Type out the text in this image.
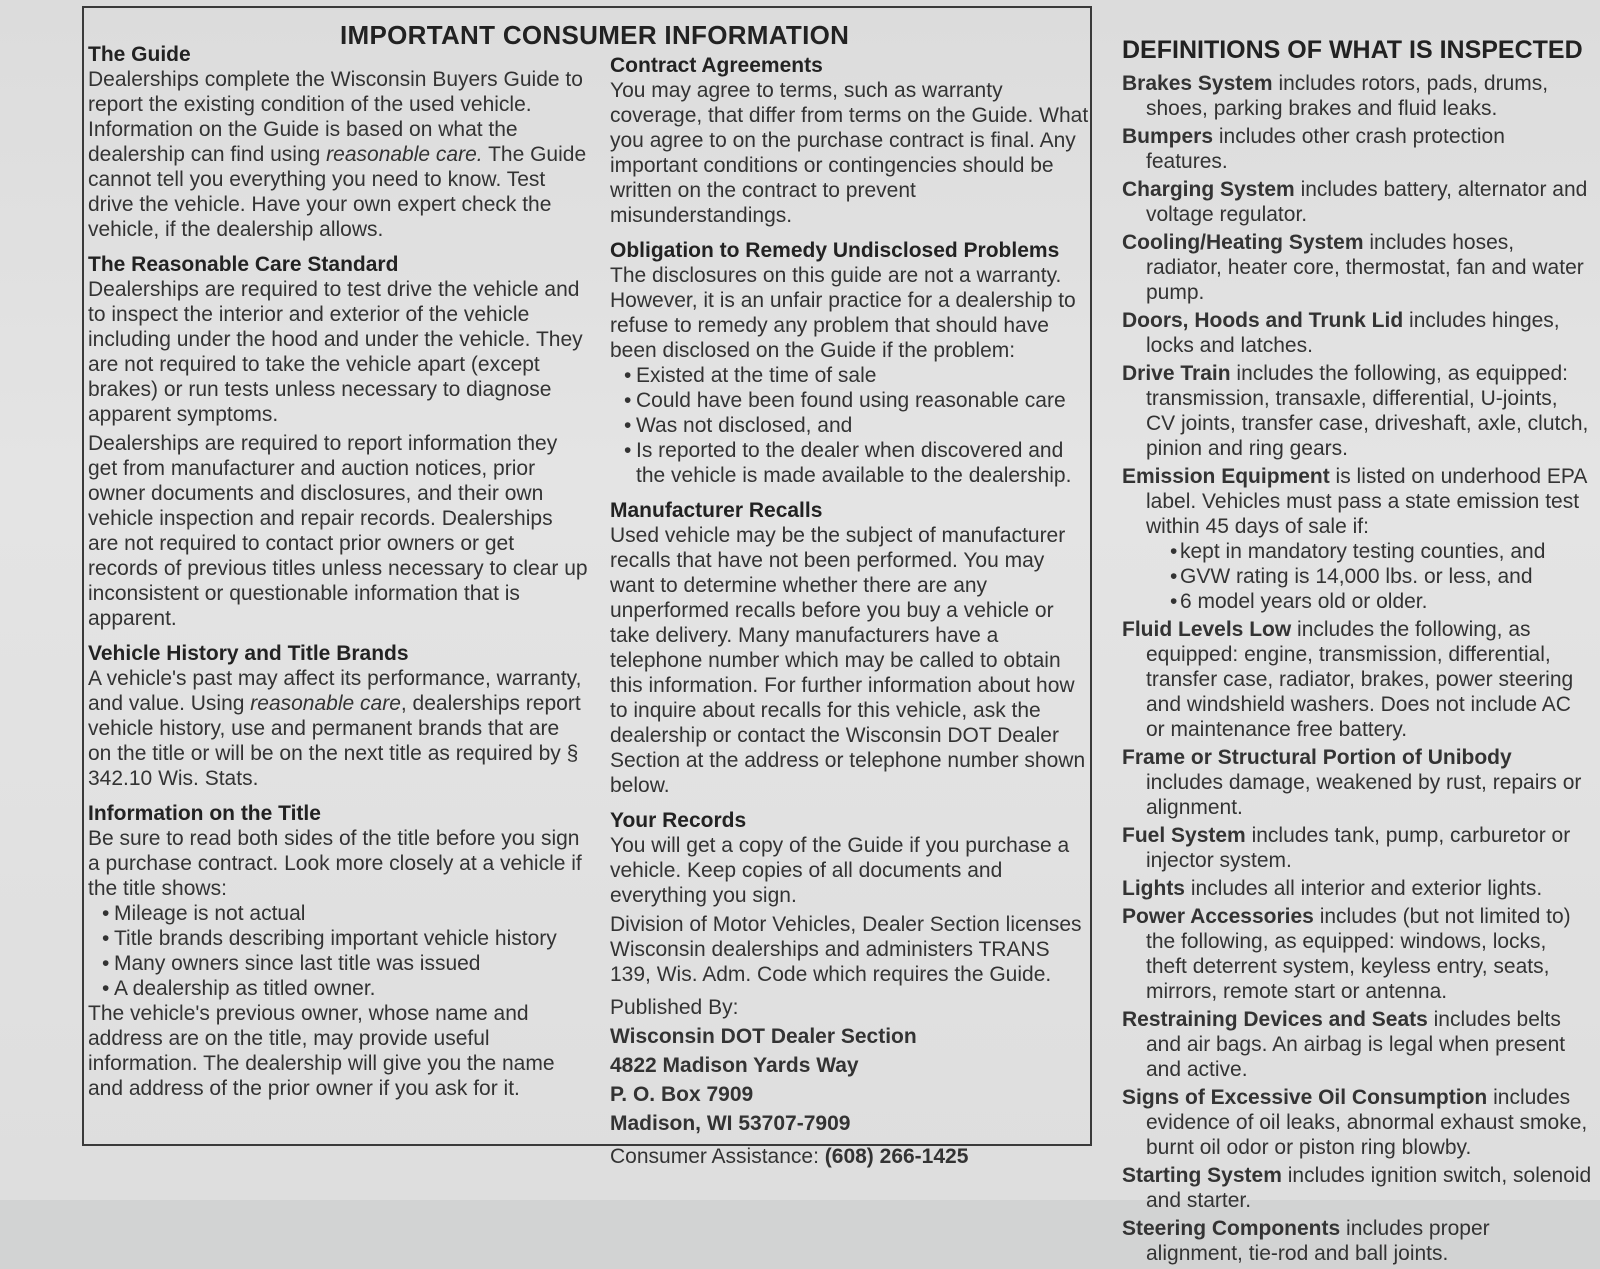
IMPORTANT CONSUMER INFORMATION
The Guide

Dealerships complete the Wisconsin Buyers Guide to report the existing condition of the used vehicle. Information on the Guide is based on what the dealership can find using reasonable care. The Guide cannot tell you everything you need to know. Test drive the vehicle. Have your own expert check the vehicle, if the dealership allows.

The Reasonable Care Standard

Dealerships are required to test drive the vehicle and to inspect the interior and exterior of the vehicle including under the hood and under the vehicle. They are not required to take the vehicle apart (except brakes) or run tests unless necessary to diagnose apparent symptoms.

Dealerships are required to report information they get from manufacturer and auction notices, prior owner documents and disclosures, and their own vehicle inspection and repair records. Dealerships are not required to contact prior owners or get records of previous titles unless necessary to clear up inconsistent or questionable information that is apparent.

Vehicle History and Title Brands

A vehicle's past may affect its performance, warranty, and value. Using reasonable care, dealerships report vehicle history, use and permanent brands that are on the title or will be on the next title as required by § 342.10 Wis. Stats.

Information on the Title

Be sure to read both sides of the title before you sign a purchase contract. Look more closely at a vehicle if the title shows:

• Mileage is not actual
• Title brands describing important vehicle history
• Many owners since last title was issued
• A dealership as titled owner.

The vehicle's previous owner, whose name and address are on the title, may provide useful information. The dealership will give you the name and address of the prior owner if you ask for it.

Contract Agreements

You may agree to terms, such as warranty coverage, that differ from terms on the Guide. What you agree to on the purchase contract is final. Any important conditions or contingencies should be written on the contract to prevent misunderstandings.

Obligation to Remedy Undisclosed Problems

The disclosures on this guide are not a warranty. However, it is an unfair practice for a dealership to refuse to remedy any problem that should have been disclosed on the Guide if the problem:

• Existed at the time of sale
• Could have been found using reasonable care
• Was not disclosed, and
• Is reported to the dealer when discovered and the vehicle is made available to the dealership.
Manufacturer Recalls

Used vehicle may be the subject of manufacturer recalls that have not been performed. You may want to determine whether there are any unperformed recalls before you buy a vehicle or take delivery. Many manufacturers have a telephone number which may be called to obtain this information. For further information about how to inquire about recalls for this vehicle, ask the dealership or contact the Wisconsin DOT Dealer Section at the address or telephone number shown below.

Your Records

You will get a copy of the Guide if you purchase a vehicle. Keep copies of all documents and everything you sign.

Division of Motor Vehicles, Dealer Section licenses Wisconsin dealerships and administers TRANS 139, Wis. Adm. Code which requires the Guide.

Published By:

Wisconsin DOT Dealer Section
4822 Madison Yards Way
P. O. Box 7909
Madison, WI 53707-7909

Consumer Assistance: (608) 266-1425

DEFINITIONS OF WHAT IS INSPECTED
Brakes System includes rotors, pads, drums, shoes, parking brakes and fluid leaks.
Bumpers includes other crash protection features.
Charging System includes battery, alternator and voltage regulator.
Cooling/Heating System includes hoses, radiator, heater core, thermostat, fan and water pump.
Doors, Hoods and Trunk Lid includes hinges, locks and latches.
Drive Train includes the following, as equipped: transmission, transaxle, differential, U-joints, CV joints, transfer case, driveshaft, axle, clutch, pinion and ring gears.
Emission Equipment is listed on underhood EPA label. Vehicles must pass a state emission test within 45 days of sale if:
• kept in mandatory testing counties, and
• GVW rating is 14,000 lbs. or less, and
• 6 model years old or older.
Fluid Levels Low includes the following, as equipped: engine, transmission, differential, transfer case, radiator, brakes, power steering and windshield washers. Does not include AC or maintenance free battery.
Frame or Structural Portion of Unibody includes damage, weakened by rust, repairs or alignment.
Fuel System includes tank, pump, carburetor or injector system.
Lights includes all interior and exterior lights.
Power Accessories includes (but not limited to) the following, as equipped: windows, locks, theft deterrent system, keyless entry, seats, mirrors, remote start or antenna.
Restraining Devices and Seats includes belts and air bags. An airbag is legal when present and active.
Signs of Excessive Oil Consumption includes evidence of oil leaks, abnormal exhaust smoke, burnt oil odor or piston ring blowby.
Starting System includes ignition switch, solenoid and starter.
Steering Components includes proper alignment, tie-rod and ball joints.
